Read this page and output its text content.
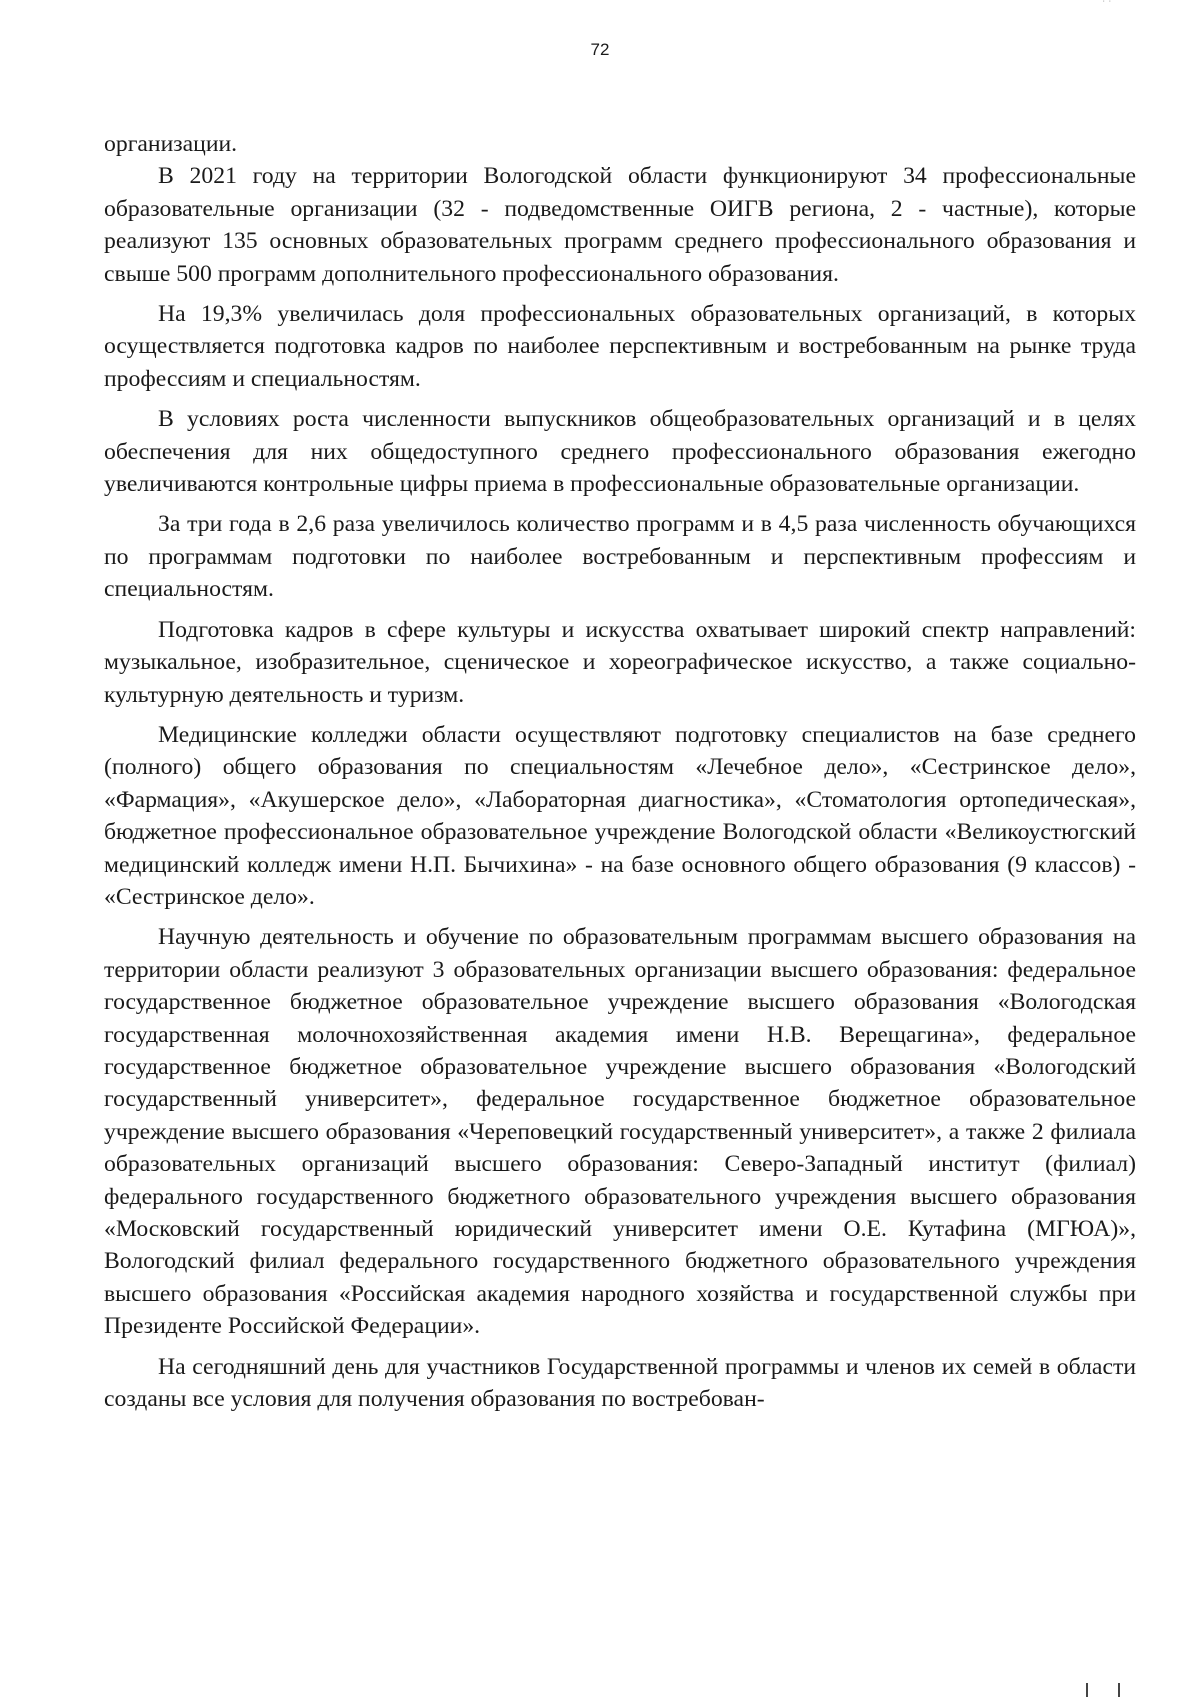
˙ ˙
72

организации.

В 2021 году на территории Вологодской области функционируют 34 профессиональные образовательные организации (32 - подведомственные ОИГВ региона, 2 - частные), которые реализуют 135 основных образовательных программ среднего профессионального образования и свыше 500 программ дополнительного профессионального образования.

На 19,3% увеличилась доля профессиональных образовательных организаций, в которых осуществляется подготовка кадров по наиболее перспективным и востребованным на рынке труда профессиям и специальностям.

В условиях роста численности выпускников общеобразовательных организаций и в целях обеспечения для них общедоступного среднего профессионального образования ежегодно увеличиваются контрольные цифры приема в профессиональные образовательные организации.

За три года в 2,6 раза увеличилось количество программ и в 4,5 раза численность обучающихся по программам подготовки по наиболее востребованным и перспективным профессиям и специальностям.

Подготовка кадров в сфере культуры и искусства охватывает широкий спектр направлений: музыкальное, изобразительное, сценическое и хореографическое искусство, а также социально-культурную деятельность и туризм.

Медицинские колледжи области осуществляют подготовку специалистов на базе среднего (полного) общего образования по специальностям «Лечебное дело», «Сестринское дело», «Фармация», «Акушерское дело», «Лабораторная диагностика», «Стоматология ортопедическая», бюджетное профессиональное образовательное учреждение Вологодской области «Великоустюгский медицинский колледж имени Н.П. Бычихина» - на базе основного общего образования (9 классов) - «Сестринское дело».

Научную деятельность и обучение по образовательным программам высшего образования на территории области реализуют 3 образовательных организации высшего образования: федеральное государственное бюджетное образовательное учреждение высшего образования «Вологодская государственная молочнохозяйственная академия имени Н.В. Верещагина», федеральное государственное бюджетное образовательное учреждение высшего образования «Вологодский государственный университет», федеральное государственное бюджетное образовательное учреждение высшего образования «Череповецкий государственный университет», а также 2 филиала образовательных организаций высшего образования: Северо-Западный институт (филиал) федерального государственного бюджетного образовательного учреждения высшего образования «Московский государственный юридический университет имени О.Е. Кутафина (МГЮА)», Вологодский филиал федерального государственного бюджетного образовательного учреждения высшего образования «Российская академия народного хозяйства и государственной службы при Президенте Российской Федерации».

На сегодняшний день для участников Государственной программы и членов их семей в области созданы все условия для получения образования по востребован-
